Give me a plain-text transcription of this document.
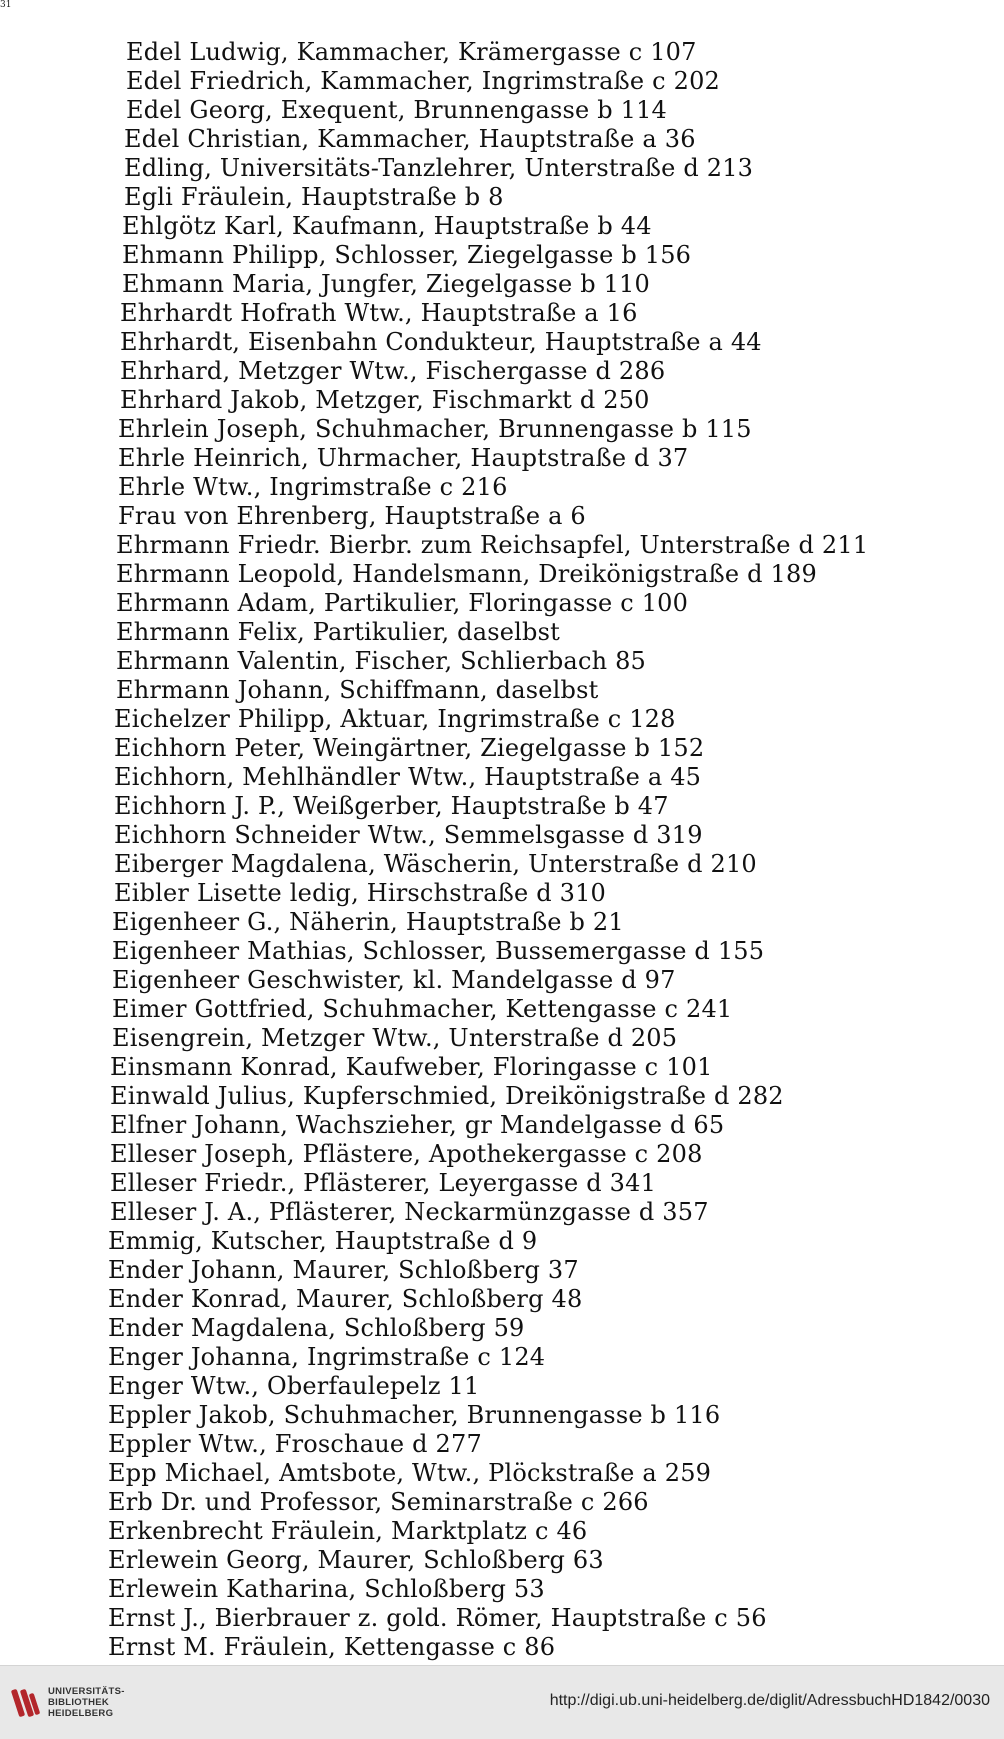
31
Edel Ludwig, Kammacher, Krämergasse c 107
Edel Friedrich, Kammacher, Ingrimstraße c 202
Edel Georg, Exequent, Brunnengasse b 114
Edel Christian, Kammacher, Hauptstraße a 36
Edling, Universitäts-Tanzlehrer, Unterstraße d 213
Egli Fräulein, Hauptstraße b 8
Ehlgötz Karl, Kaufmann, Hauptstraße b 44
Ehmann Philipp, Schlosser, Ziegelgasse b 156
Ehmann Maria, Jungfer, Ziegelgasse b 110
Ehrhardt Hofrath Wtw., Hauptstraße a 16
Ehrhardt, Eisenbahn Condukteur, Hauptstraße a 44
Ehrhard, Metzger Wtw., Fischergasse d 286
Ehrhard Jakob, Metzger, Fischmarkt d 250
Ehrlein Joseph, Schuhmacher, Brunnengasse b 115
Ehrle Heinrich, Uhrmacher, Hauptstraße d 37
Ehrle Wtw., Ingrimstraße c 216
Frau von Ehrenberg, Hauptstraße a 6
Ehrmann Friedr. Bierbr. zum Reichsapfel, Unterstraße d 211
Ehrmann Leopold, Handelsmann, Dreikönigstraße d 189
Ehrmann Adam, Partikulier, Floringasse c 100
Ehrmann Felix, Partikulier, daselbst
Ehrmann Valentin, Fischer, Schlierbach 85
Ehrmann Johann, Schiffmann, daselbst
Eichelzer Philipp, Aktuar, Ingrimstraße c 128
Eichhorn Peter, Weingärtner, Ziegelgasse b 152
Eichhorn, Mehlhändler Wtw., Hauptstraße a 45
Eichhorn J. P., Weißgerber, Hauptstraße b 47
Eichhorn Schneider Wtw., Semmelsgasse d 319
Eiberger Magdalena, Wäscherin, Unterstraße d 210
Eibler Lisette ledig, Hirschstraße d 310
Eigenheer G., Näherin, Hauptstraße b 21
Eigenheer Mathias, Schlosser, Bussemergasse d 155
Eigenheer Geschwister, kl. Mandelgasse d 97
Eimer Gottfried, Schuhmacher, Kettengasse c 241
Eisengrein, Metzger Wtw., Unterstraße d 205
Einsmann Konrad, Kaufweber, Floringasse c 101
Einwald Julius, Kupferschmied, Dreikönigstraße d 282
Elfner Johann, Wachszieher, gr Mandelgasse d 65
Elleser Joseph, Pflästere, Apothekergasse c 208
Elleser Friedr., Pflästerer, Leyergasse d 341
Elleser J. A., Pflästerer, Neckarmünzgasse d 357
Emmig, Kutscher, Hauptstraße d 9
Ender Johann, Maurer, Schloßberg 37
Ender Konrad, Maurer, Schloßberg 48
Ender Magdalena, Schloßberg 59
Enger Johanna, Ingrimstraße c 124
Enger Wtw., Oberfaulepelz 11
Eppler Jakob, Schuhmacher, Brunnengasse b 116
Eppler Wtw., Froschaue d 277
Epp Michael, Amtsbote, Wtw., Plöckstraße a 259
Erb Dr. und Professor, Seminarstraße c 266
Erkenbrecht Fräulein, Marktplatz c 46
Erlewein Georg, Maurer, Schloßberg 63
Erlewein Katharina, Schloßberg 53
Ernst J., Bierbrauer z. gold. Römer, Hauptstraße c 56
Ernst M. Fräulein, Kettengasse c 86
UNIVERSITÄTS-
BIBLIOTHEK
HEIDELBERG
http://digi.ub.uni-heidelberg.de/diglit/AdressbuchHD1842/0030
